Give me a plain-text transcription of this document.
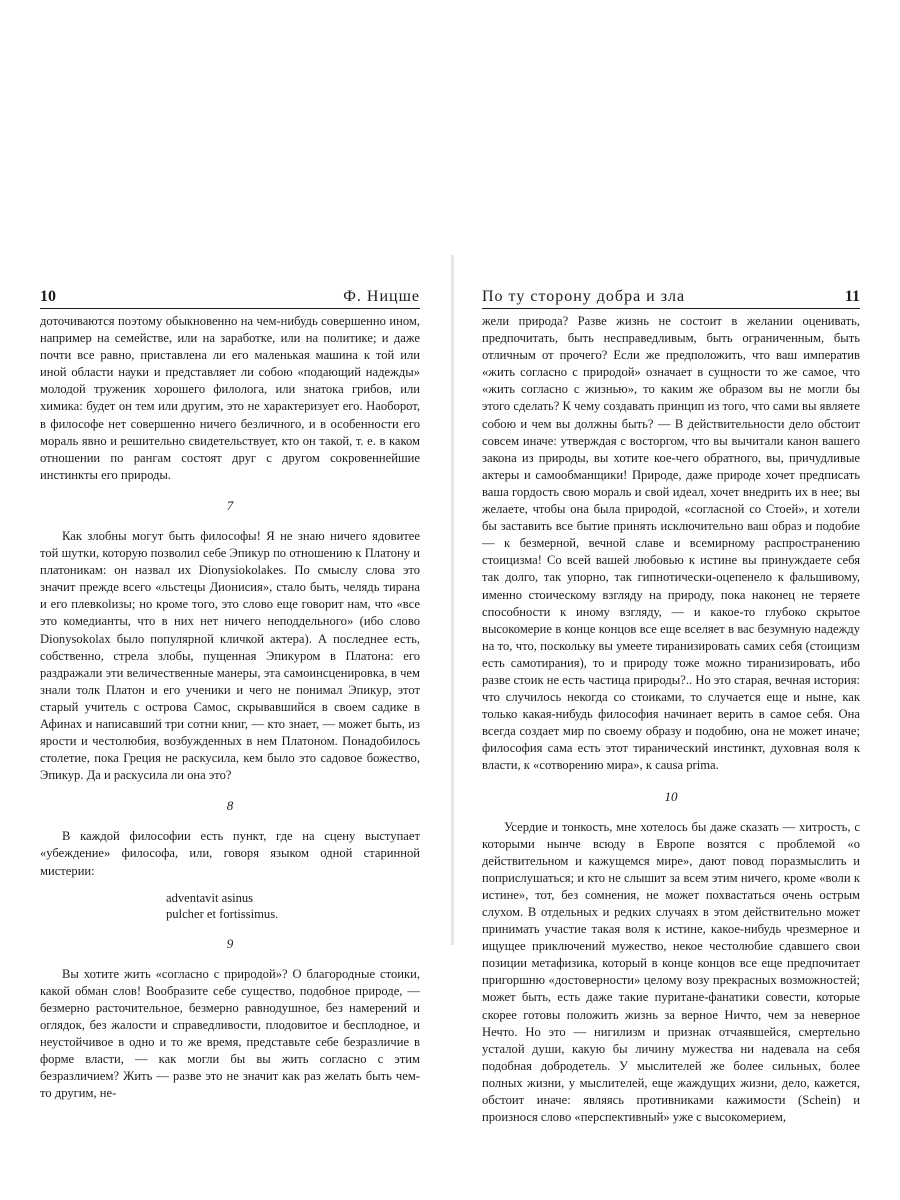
10	Ф. Ницше

доточиваются поэтому обыкновенно на чем-нибудь совершенно ином, например на семействе, или на заработке, или на политике; и даже почти все равно, приставлена ли его маленькая машина к той или иной области науки и представляет ли собою «подающий надежды» молодой труженик хорошего филолога, или знатока грибов, или химика: будет он тем или другим, это не характеризует его. Наоборот, в философе нет совершенно ничего безличного, и в особенности его мораль явно и решительно свидетельствует, кто он такой, т. е. в каком отношении по рангам состоят друг с другом сокровеннейшие инстинкты его природы.

7

Как злобны могут быть философы! Я не знаю ничего ядовитее той шутки, которую позволил себе Эпикур по отношению к Платону и платоникам: он назвал их Dionysiokolakes. По смыслу слова это значит прежде всего «льстецы Дионисия», стало быть, челядь тирана и его плевкolизы; но кроме того, это слово еще говорит нам, что «все это комедианты, что в них нет ничего неподдельного» (ибо слово Dionysokolax было популярной кличкой актера). А последнее есть, собственно, стрела злобы, пущенная Эпикуром в Платона: его раздражали эти величественные манеры, эта самоинсценировка, в чем знали толк Платон и его ученики и чего не понимал Эпикур, этот старый учитель с острова Самос, скрывавшийся в своем садике в Афинах и написавший три сотни книг, — кто знает, — может быть, из ярости и честолюбия, возбужденных в нем Платоном. Понадобилось столетие, пока Греция не раскусила, кем было это садовое божество, Эпикур. Да и раскусила ли она это?

8

В каждой философии есть пункт, где на сцену выступает «убеждение» философа, или, говоря языком одной старинной мистерии:

adventavit asinus
pulcher et fortissimus.
9

Вы хотите жить «согласно с природой»? О благородные стоики, какой обман слов! Вообразите себе существо, подобное природе, — безмерно расточительное, безмерно равнодушное, без намерений и оглядок, без жалости и справедливости, плодовитое и бесплодное, и неустойчивое в одно и то же время, представьте себе безразличие в форме власти, — как могли бы вы жить согласно с этим безразличием? Жить — разве это не значит как раз желать быть чем-то другим, не-

По ту сторону добра и зла	11

жели природа? Разве жизнь не состоит в желании оценивать, предпочитать, быть несправедливым, быть ограниченным, быть отличным от прочего? Если же предположить, что ваш императив «жить согласно с природой» означает в сущности то же самое, что «жить согласно с жизнью», то каким же образом вы не могли бы этого сделать? К чему создавать принцип из того, что сами вы являете собою и чем вы должны быть? — В действительности дело обстоит совсем иначе: утверждая с восторгом, что вы вычитали канон вашего закона из природы, вы хотите кое-чего обратного, вы, причудливые актеры и самообманщики! Природе, даже природе хочет предписать ваша гордость свою мораль и свой идеал, хочет внедрить их в нее; вы желаете, чтобы она была природой, «согласной со Стоей», и хотели бы заставить все бытие принять исключительно ваш образ и подобие — к безмерной, вечной славе и всемирному распространению стоицизма! Со всей вашей любовью к истине вы принуждаете себя так долго, так упорно, так гипнотически-оцепенело к фальшивому, именно стоическому взгляду на природу, пока наконец не теряете способности к иному взгляду, — и какое-то глубоко скрытое высокомерие в конце концов все еще вселяет в вас безумную надежду на то, что, поскольку вы умеете тиранизировать самих себя (стоицизм есть самотирания), то и природу тоже можно тиранизировать, ибо разве стоик не есть частица природы?.. Но это старая, вечная история: что случилось некогда со стоиками, то случается еще и ныне, как только какая-нибудь философия начинает верить в самое себя. Она всегда создает мир по своему образу и подобию, она не может иначе; философия сама есть этот тиранический инстинкт, духовная воля к власти, к «сотворению мира», к causa prima.

10

Усердие и тонкость, мне хотелось бы даже сказать — хитрость, с которыми нынче всюду в Европе возятся с проблемой «о действительном и кажущемся мире», дают повод поразмыслить и поприслушаться; и кто не слышит за всем этим ничего, кроме «воли к истине», тот, без сомнения, не может похвастаться очень острым слухом. В отдельных и редких случаях в этом действительно может принимать участие такая воля к истине, какое-нибудь чрезмерное и ищущее приключений мужество, некое честолюбие сдавшего свои позиции метафизика, который в конце концов все еще предпочитает пригоршню «достоверности» целому возу прекрасных возможностей; может быть, есть даже такие пуритане-фанатики совести, которые скорее готовы положить жизнь за верное Ничто, чем за неверное Нечто. Но это — нигилизм и признак отчаявшейся, смертельно усталой души, какую бы личину мужества ни надевала на себя подобная добродетель. У мыслителей же более сильных, более полных жизни, у мыслителей, еще жаждущих жизни, дело, кажется, обстоит иначе: являясь противниками кажимости (Schein) и произнося слово «перспективный» уже с высокомерием,
